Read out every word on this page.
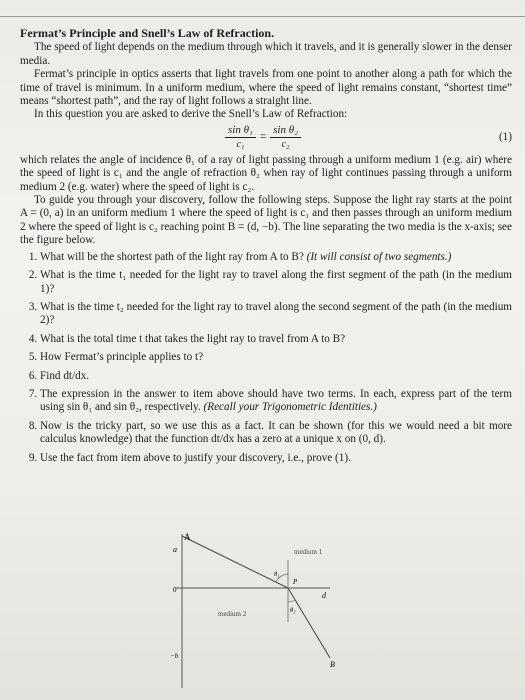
Fermat’s Principle and Snell’s Law of Refraction.

The speed of light depends on the medium through which it travels, and it is generally slower in the denser media.

Fermat’s principle in optics asserts that light travels from one point to another along a path for which the time of travel is minimum. In a uniform medium, where the speed of light remains constant, “shortest time” means “shortest path”, and the ray of light follows a straight line.

In this question you are asked to derive the Snell’s Law of Refraction:

$\frac{\text{sin θ₁}}{\text{c₁}} = \frac{\text{sin θ₂}}{\text{c₂}}$	(1)

which relates the angle of incidence θ₁ of a ray of light passing through a uniform medium 1 (e.g. air) where the speed of light is c₁ and the angle of refraction θ₂ when ray of light continues passing through a uniform medium 2 (e.g. water) where the speed of light is c₂.

To guide you through your discovery, follow the following steps. Suppose the light ray starts at the point A = (0, a) in an uniform medium 1 where the speed of light is c₁ and then passes through an uniform medium 2 where the speed of light is c₂ reaching point B = (d, −b). The line separating the two media is the x-axis; see the figure below.

1. What will be the shortest path of the light ray from A to B? (It will consist of two segments.)
2. What is the time t₁ needed for the light ray to travel along the first segment of the path (in the medium 1)?
3. What is the time t₂ needed for the light ray to travel along the second segment of the path (in the medium 2)?
4. What is the total time t that takes the light ray to travel from A to B?
5. How Fermat’s principle applies to t?
6. Find dt/dx.
7. The expression in the answer to item above should have two terms. In each, express part of the term using sin θ₁ and sin θ₂, respectively. (Recall your Trigonometric Identities.)
8. Now is the tricky part, so we use this as a fact. It can be shown (for this we would need a bit more calculus knowledge) that the function dt/dx has a zero at a unique x on (0, d).
9. Use the fact from item above to justify your discovery, i.e., prove (1).
A
a
0
d
B
−b
P
θ₁
θ₂
medium 1
medium 2
